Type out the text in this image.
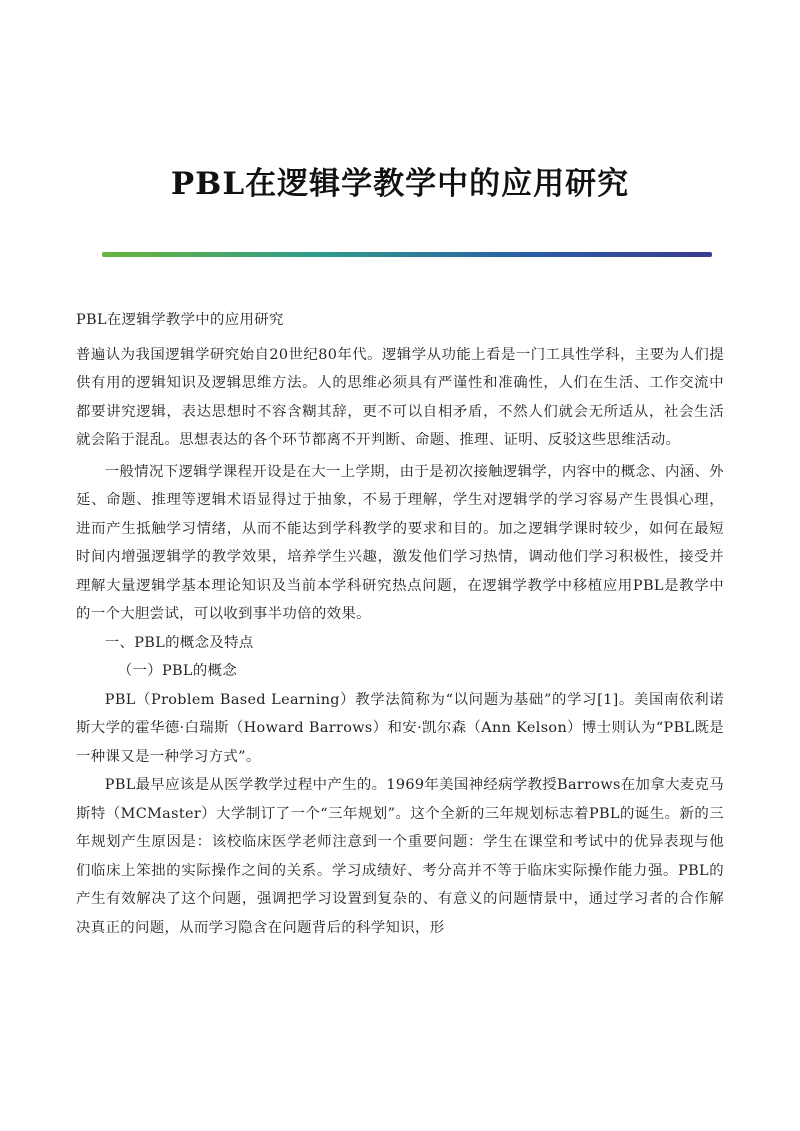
PBL在逻辑学教学中的应用研究

PBL在逻辑学教学中的应用研究

普遍认为我国逻辑学研究始自20世纪80年代。逻辑学从功能上看是一门工具性学科，主要为人们提供有用的逻辑知识及逻辑思维方法。人的思维必须具有严谨性和准确性，人们在生活、工作交流中都要讲究逻辑，表达思想时不容含糊其辞，更不可以自相矛盾，不然人们就会无所适从，社会生活就会陷于混乱。思想表达的各个环节都离不开判断、命题、推理、证明、反驳这些思维活动。

一般情况下逻辑学课程开设是在大一上学期，由于是初次接触逻辑学，内容中的概念、内涵、外延、命题、推理等逻辑术语显得过于抽象，不易于理解，学生对逻辑学的学习容易产生畏惧心理，进而产生抵触学习情绪，从而不能达到学科教学的要求和目的。加之逻辑学课时较少，如何在最短时间内增强逻辑学的教学效果，培养学生兴趣，激发他们学习热情，调动他们学习积极性，接受并理解大量逻辑学基本理论知识及当前本学科研究热点问题，在逻辑学教学中移植应用PBL是教学中的一个大胆尝试，可以收到事半功倍的效果。

一、PBL的概念及特点

（一）PBL的概念

PBL（Problem Based Learning）教学法简称为“以问题为基础”的学习[1]。美国南依利诺斯大学的霍华德·白瑞斯（Howard Barrows）和安·凯尔森（Ann Kelson）博士则认为“PBL既是一种课又是一种学习方式”。

PBL最早应该是从医学教学过程中产生的。1969年美国神经病学教授Barrows在加拿大麦克马斯特（MCMaster）大学制订了一个“三年规划”。这个全新的三年规划标志着PBL的诞生。新的三年规划产生原因是：该校临床医学老师注意到一个重要问题：学生在课堂和考试中的优异表现与他们临床上笨拙的实际操作之间的关系。学习成绩好、考分高并不等于临床实际操作能力强。PBL的产生有效解决了这个问题，强调把学习设置到复杂的、有意义的问题情景中，通过学习者的合作解决真正的问题，从而学习隐含在问题背后的科学知识，形
